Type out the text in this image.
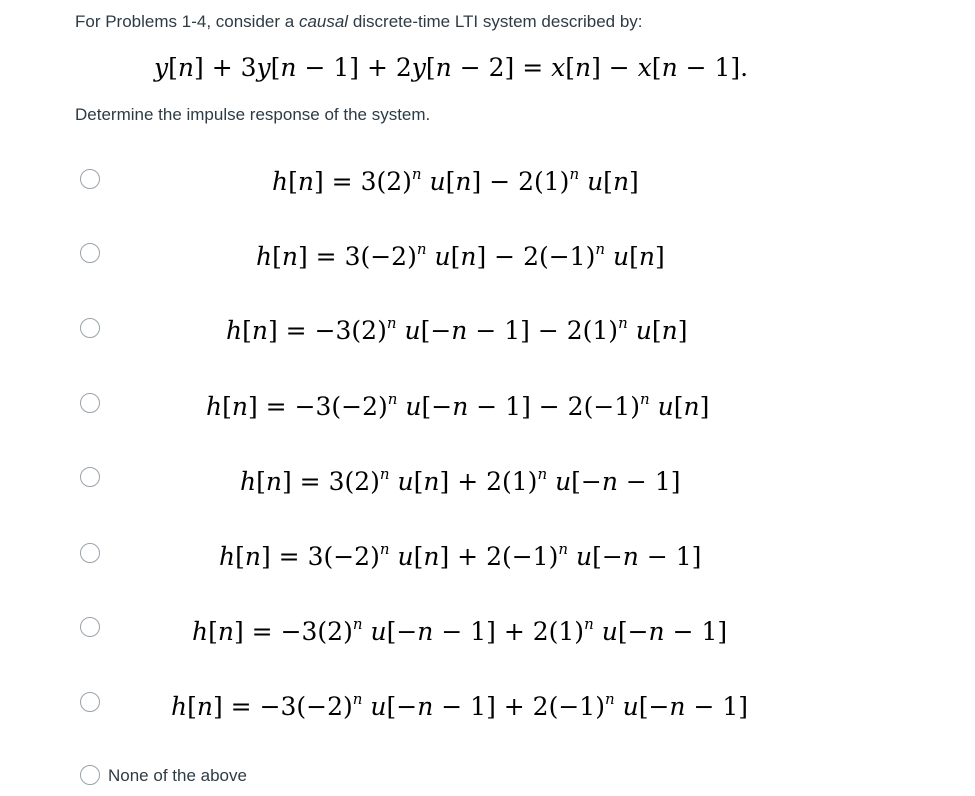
For Problems 1-4, consider a causal discrete-time LTI system described by:
y[n] + 3y[n − 1] + 2y[n − 2] = x[n] − x[n − 1].
Determine the impulse response of the system.
$h[n] = 3(2)^n$ $u[n] - 2(1)^n$ u[n]
$h[n] = 3(-2)^n$ $u[n] - 2(-1)^n$ u[n]
$h[n] = -3(2)^n$ $u[-n - 1] - 2(1)^n$ u[n]
$h[n] = -3(-2)^n$ $u[-n - 1] - 2(-1)^n$ u[n]
$h[n] = 3(2)^n$ $u[n] + 2(1)^n$ u[−n − 1]
$h[n] = 3(-2)^n$ $u[n] + 2(-1)^n$ u[−n − 1]
$h[n] = -3(2)^n$ $u[-n - 1] + 2(1)^n$ u[−n − 1]
$h[n] = -3(-2)^n$ $u[-n - 1] + 2(-1)^n$ u[−n − 1]
None of the above
